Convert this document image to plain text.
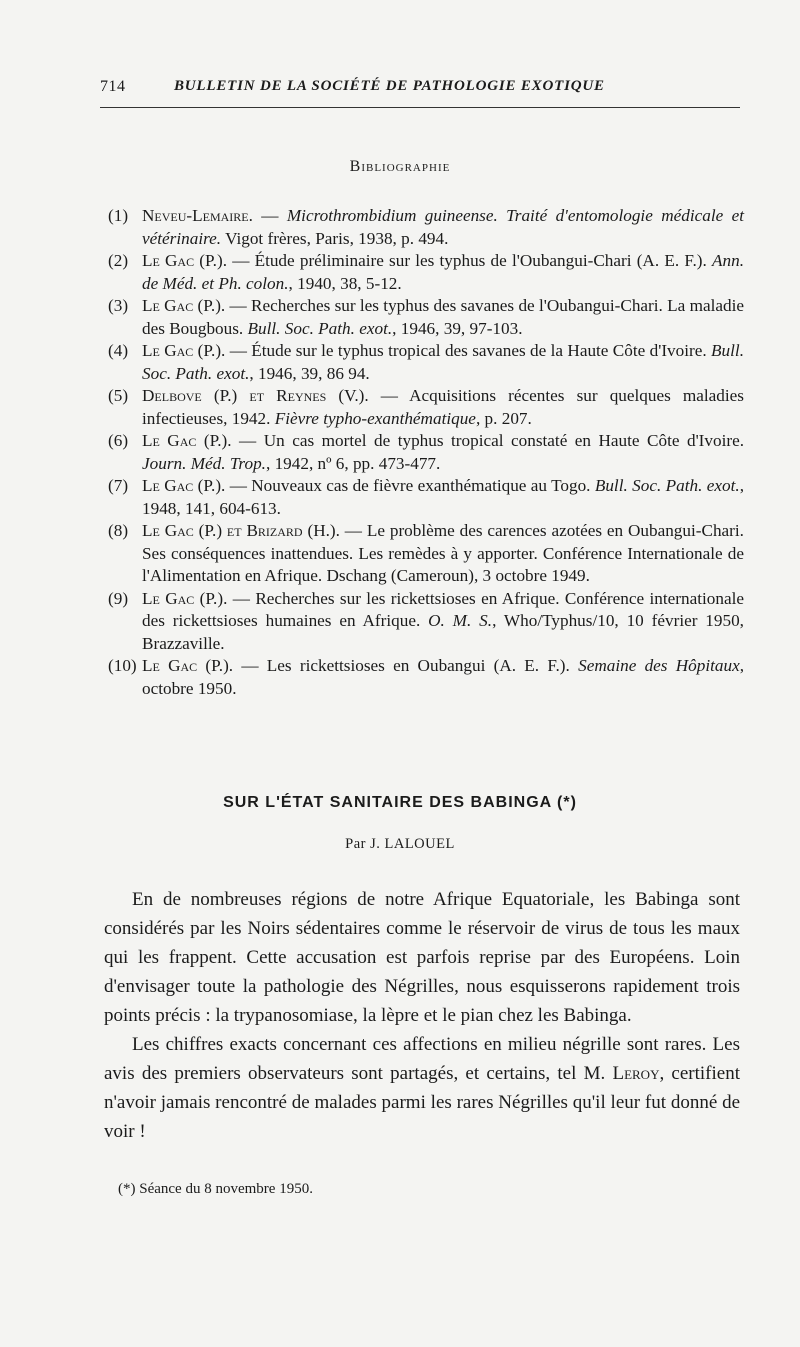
714	BULLETIN DE LA SOCIÉTÉ DE PATHOLOGIE EXOTIQUE
Bibliographie
(1) Neveu-Lemaire. — Microthrombidium guineense. Traité d'entomologie médicale et vétérinaire. Vigot frères, Paris, 1938, p. 494.
(2) Le Gac (P.). — Étude préliminaire sur les typhus de l'Oubangui-Chari (A. E. F.). Ann. de Méd. et Ph. colon., 1940, 38, 5-12.
(3) Le Gac (P.). — Recherches sur les typhus des savanes de l'Oubangui-Chari. La maladie des Bougbous. Bull. Soc. Path. exot., 1946, 39, 97-103.
(4) Le Gac (P.). — Étude sur le typhus tropical des savanes de la Haute Côte d'Ivoire. Bull. Soc. Path. exot., 1946, 39, 86 94.
(5) Delbove (P.) et Reynes (V.). — Acquisitions récentes sur quelques maladies infectieuses, 1942. Fièvre typho-exanthématique, p. 207.
(6) Le Gac (P.). — Un cas mortel de typhus tropical constaté en Haute Côte d'Ivoire. Journ. Méd. Trop., 1942, nº 6, pp. 473-477.
(7) Le Gac (P.). — Nouveaux cas de fièvre exanthématique au Togo. Bull. Soc. Path. exot., 1948, 141, 604-613.
(8) Le Gac (P.) et Brizard (H.). — Le problème des carences azotées en Oubangui-Chari. Ses conséquences inattendues. Les remèdes à y apporter. Conférence Internationale de l'Alimentation en Afrique. Dschang (Cameroun), 3 octobre 1949.
(9) Le Gac (P.). — Recherches sur les rickettsioses en Afrique. Conférence internationale des rickettsioses humaines en Afrique. O. M. S., Who/Typhus/10, 10 février 1950, Brazzaville.
(10) Le Gac (P.). — Les rickettsioses en Oubangui (A. E. F.). Semaine des Hôpitaux, octobre 1950.
SUR L'ÉTAT SANITAIRE DES BABINGA (*)
Par J. LALOUEL

En de nombreuses régions de notre Afrique Equatoriale, les Babinga sont considérés par les Noirs sédentaires comme le réservoir de virus de tous les maux qui les frappent. Cette accusation est parfois reprise par des Européens. Loin d'envisager toute la pathologie des Négrilles, nous esquisserons rapidement trois points précis : la trypanosomiase, la lèpre et le pian chez les Babinga.

Les chiffres exacts concernant ces affections en milieu négrille sont rares. Les avis des premiers observateurs sont partagés, et certains, tel M. Leroy, certifient n'avoir jamais rencontré de malades parmi les rares Négrilles qu'il leur fut donné de voir !

(*) Séance du 8 novembre 1950.
